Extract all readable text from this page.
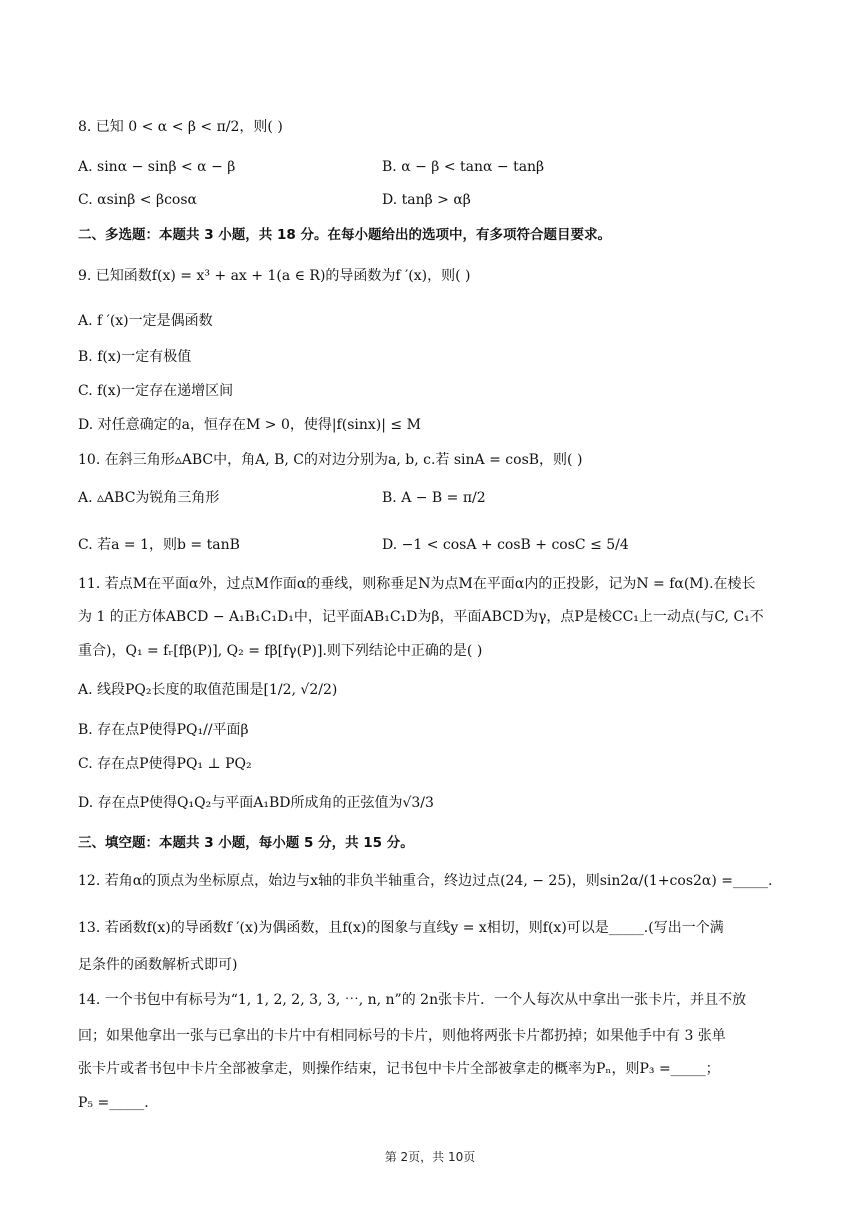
8. 已知 0 < α < β < π/2，则( )
A. sinα − sinβ < α − β	B. α − β < tanα − tanβ
C. αsinβ < βcosα	D. tanβ > αβ
二、多选题：本题共 3 小题，共 18 分。在每小题给出的选项中，有多项符合题目要求。
9. 已知函数f(x) = x³ + ax + 1(a ∈ R)的导函数为f ′(x)，则( )
A. f ′(x)一定是偶函数
B. f(x)一定有极值
C. f(x)一定存在递增区间
D. 对任意确定的a，恒存在M > 0，使得|f(sinx)| ≤ M
10. 在斜三角形▵ABC中，角A, B, C的对边分别为a, b, c.若 sinA = cosB，则( )
A. ▵ABC为锐角三角形	B. A − B = π/2
C. 若a = 1，则b = tanB	D. −1 < cosA + cosB + cosC ≤ 5/4
11. 若点M在平面α外，过点M作面α的垂线，则称垂足N为点M在平面α内的正投影，记为N = fα(M).在棱长
为 1 的正方体ABCD − A₁B₁C₁D₁中，记平面AB₁C₁D为β，平面ABCD为γ，点P是棱CC₁上一动点(与C, C₁不
重合)，Q₁ = fᵣ[fβ(P)], Q₂ = fβ[fγ(P)].则下列结论中正确的是( )
A. 线段PQ₂长度的取值范围是[1/2, √2/2)
B. 存在点P使得PQ₁//平面β
C. 存在点P使得PQ₁ ⊥ PQ₂
D. 存在点P使得Q₁Q₂与平面A₁BD所成角的正弦值为√3/3
三、填空题：本题共 3 小题，每小题 5 分，共 15 分。
12. 若角α的顶点为坐标原点，始边与x轴的非负半轴重合，终边过点(24, − 25)，则sin2α/(1+cos2α) =_____.
13. 若函数f(x)的导函数f ′(x)为偶函数，且f(x)的图象与直线y = x相切，则f(x)可以是_____.(写出一个满
足条件的函数解析式即可)
14. 一个书包中有标号为“1, 1, 2, 2, 3, 3, ⋯, n, n”的 2n张卡片．一个人每次从中拿出一张卡片，并且不放
回；如果他拿出一张与已拿出的卡片中有相同标号的卡片，则他将两张卡片都扔掉；如果他手中有 3 张单
张卡片或者书包中卡片全部被拿走，则操作结束，记书包中卡片全部被拿走的概率为Pₙ，则P₃ =_____；
P₅ =_____.
第 2页，共 10页
